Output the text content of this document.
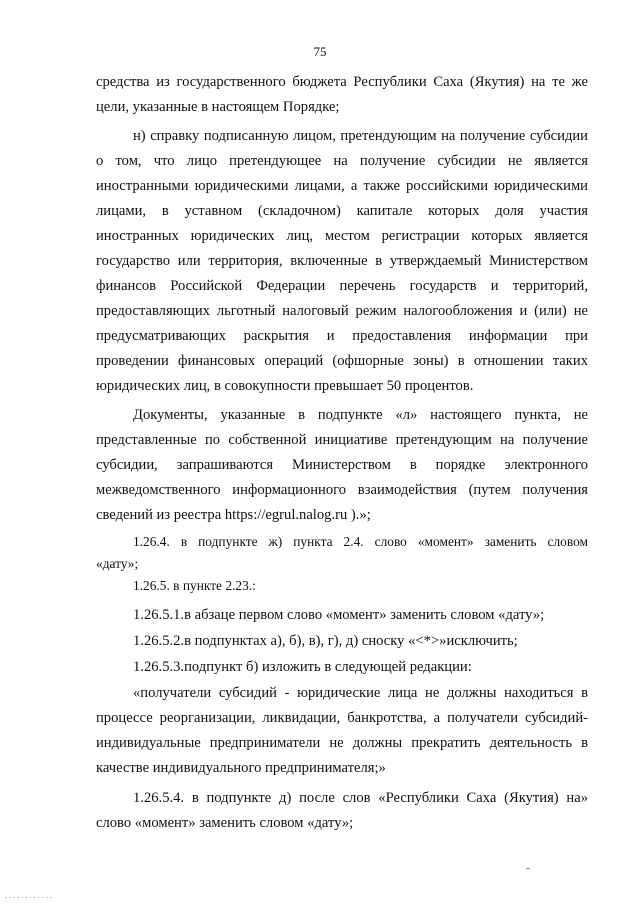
75
средства из государственного бюджета Республики Саха (Якутия) на те же
цели, указанные в настоящем Порядке;
н) справку подписанную лицом, претендующим на получение субсидии
о том, что лицо претендующее на получение субсидии не является
иностранными юридическими лицами, а также российскими юридическими
лицами, в уставном (складочном) капитале которых доля участия
иностранных юридических лиц, местом регистрации которых является
государство или территория, включенные в утверждаемый Министерством
финансов Российской Федерации перечень государств и территорий,
предоставляющих льготный налоговый режим налогообложения и (или) не
предусматривающих раскрытия и предоставления информации при
проведении финансовых операций (офшорные зоны) в отношении таких
юридических лиц, в совокупности превышает 50 процентов.
Документы, указанные в подпункте «л» настоящего пункта, не
представленные по собственной инициативе претендующим на получение
субсидии, запрашиваются Министерством в порядке электронного
межведомственного информационного взаимодействия (путем получения
сведений из реестра https://egrul.nalog.ru ).»;
1.26.4. в подпункте ж) пункта 2.4. слово «момент» заменить словом
«дату»;
1.26.5. в пункте 2.23.:
1.26.5.1.в абзаце первом слово «момент» заменить словом «дату»;
1.26.5.2.в подпунктах а), б), в), г), д) сноску «<*>»исключить;
1.26.5.3.подпункт б) изложить в следующей редакции:
«получатели субсидий - юридические лица не должны находиться в
процессе реорганизации, ликвидации, банкротства, а получатели субсидий-
индивидуальные предприниматели не должны прекратить деятельность в
качестве индивидуального предпринимателя;»
1.26.5.4. в подпункте д) после слов «Республики Саха (Якутия) на»
слово «момент» заменить словом «дату»;
............
